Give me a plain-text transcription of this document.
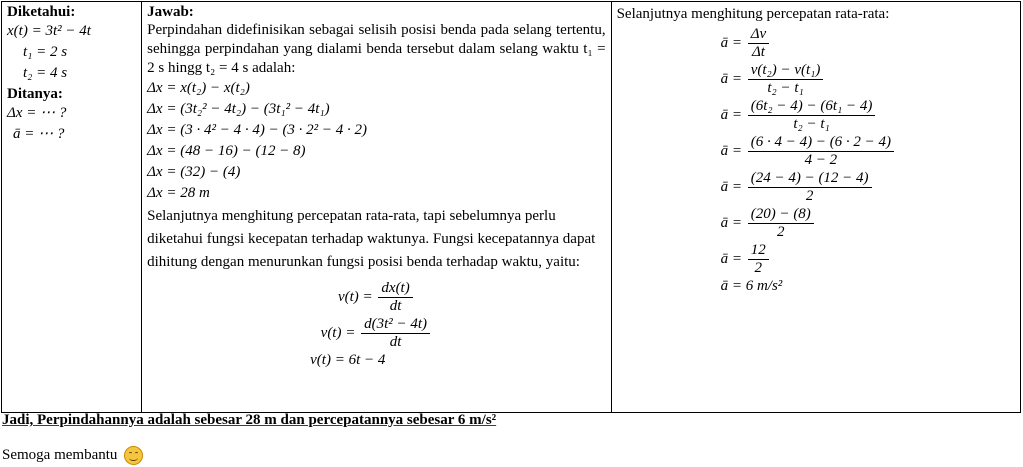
Diketahui:
x(t) = 3t² − 4t
t₁ = 2 s
t₂ = 4 s
Ditanya:
Δx = ⋯ ?
ā = ⋯ ?

Jawab:
Perpindahan didefinisikan sebagai selisih posisi benda pada selang tertentu, sehingga perpindahan yang dialami benda tersebut dalam selang waktu t₁ = 2 s hingg t₂ = 4 s adalah:
Δx = x(t₂) − x(t₂)
Δx = (3t₂² − 4t₂) − (3t₁² − 4t₁)
Δx = (3 · 4² − 4 · 4) − (3 · 2² − 4 · 2)
Δx = (48 − 16) − (12 − 8)
Δx = (32) − (4)
Δx = 28 m
Selanjutnya menghitung percepatan rata-rata, tapi sebelumnya perlu diketahui fungsi kecepatan terhadap waktunya. Fungsi kecepatannya dapat dihitung dengan menurunkan fungsi posisi benda terhadap waktu, yaitu:
$v(t) = \frac{dx(t)}{dt}$
$v(t) = \frac{\text{d(3t² − 4t)}}{dt}$
v(t) = 6t − 4

Selanjutnya menghitung percepatan rata-rata:
ā = $\frac{\Delta v}{\Delta t}$
ā = $\frac{\text{v(t₂) − v(t₁)}}{\text{t₂ − t₁}}$
ā = $\frac{\text{(6t₂ − 4) − (6t₁ − 4)}}{\text{t₂ − t₁}}$
ā = $\frac{(6 \cdot 4 - 4) - (6 \cdot 2 - 4)}{4 - 2}$
ā = $\frac{(24 - 4) - (12 - 4)}{2}$
ā = $\frac{(20) - (8)}{2}$
ā = $\frac{12}{2}$
ā = 6 m/s²
Jadi, Perpindahannya adalah sebesar 28 m dan percepatannya sebesar 6 m/s²
Semoga membantu
